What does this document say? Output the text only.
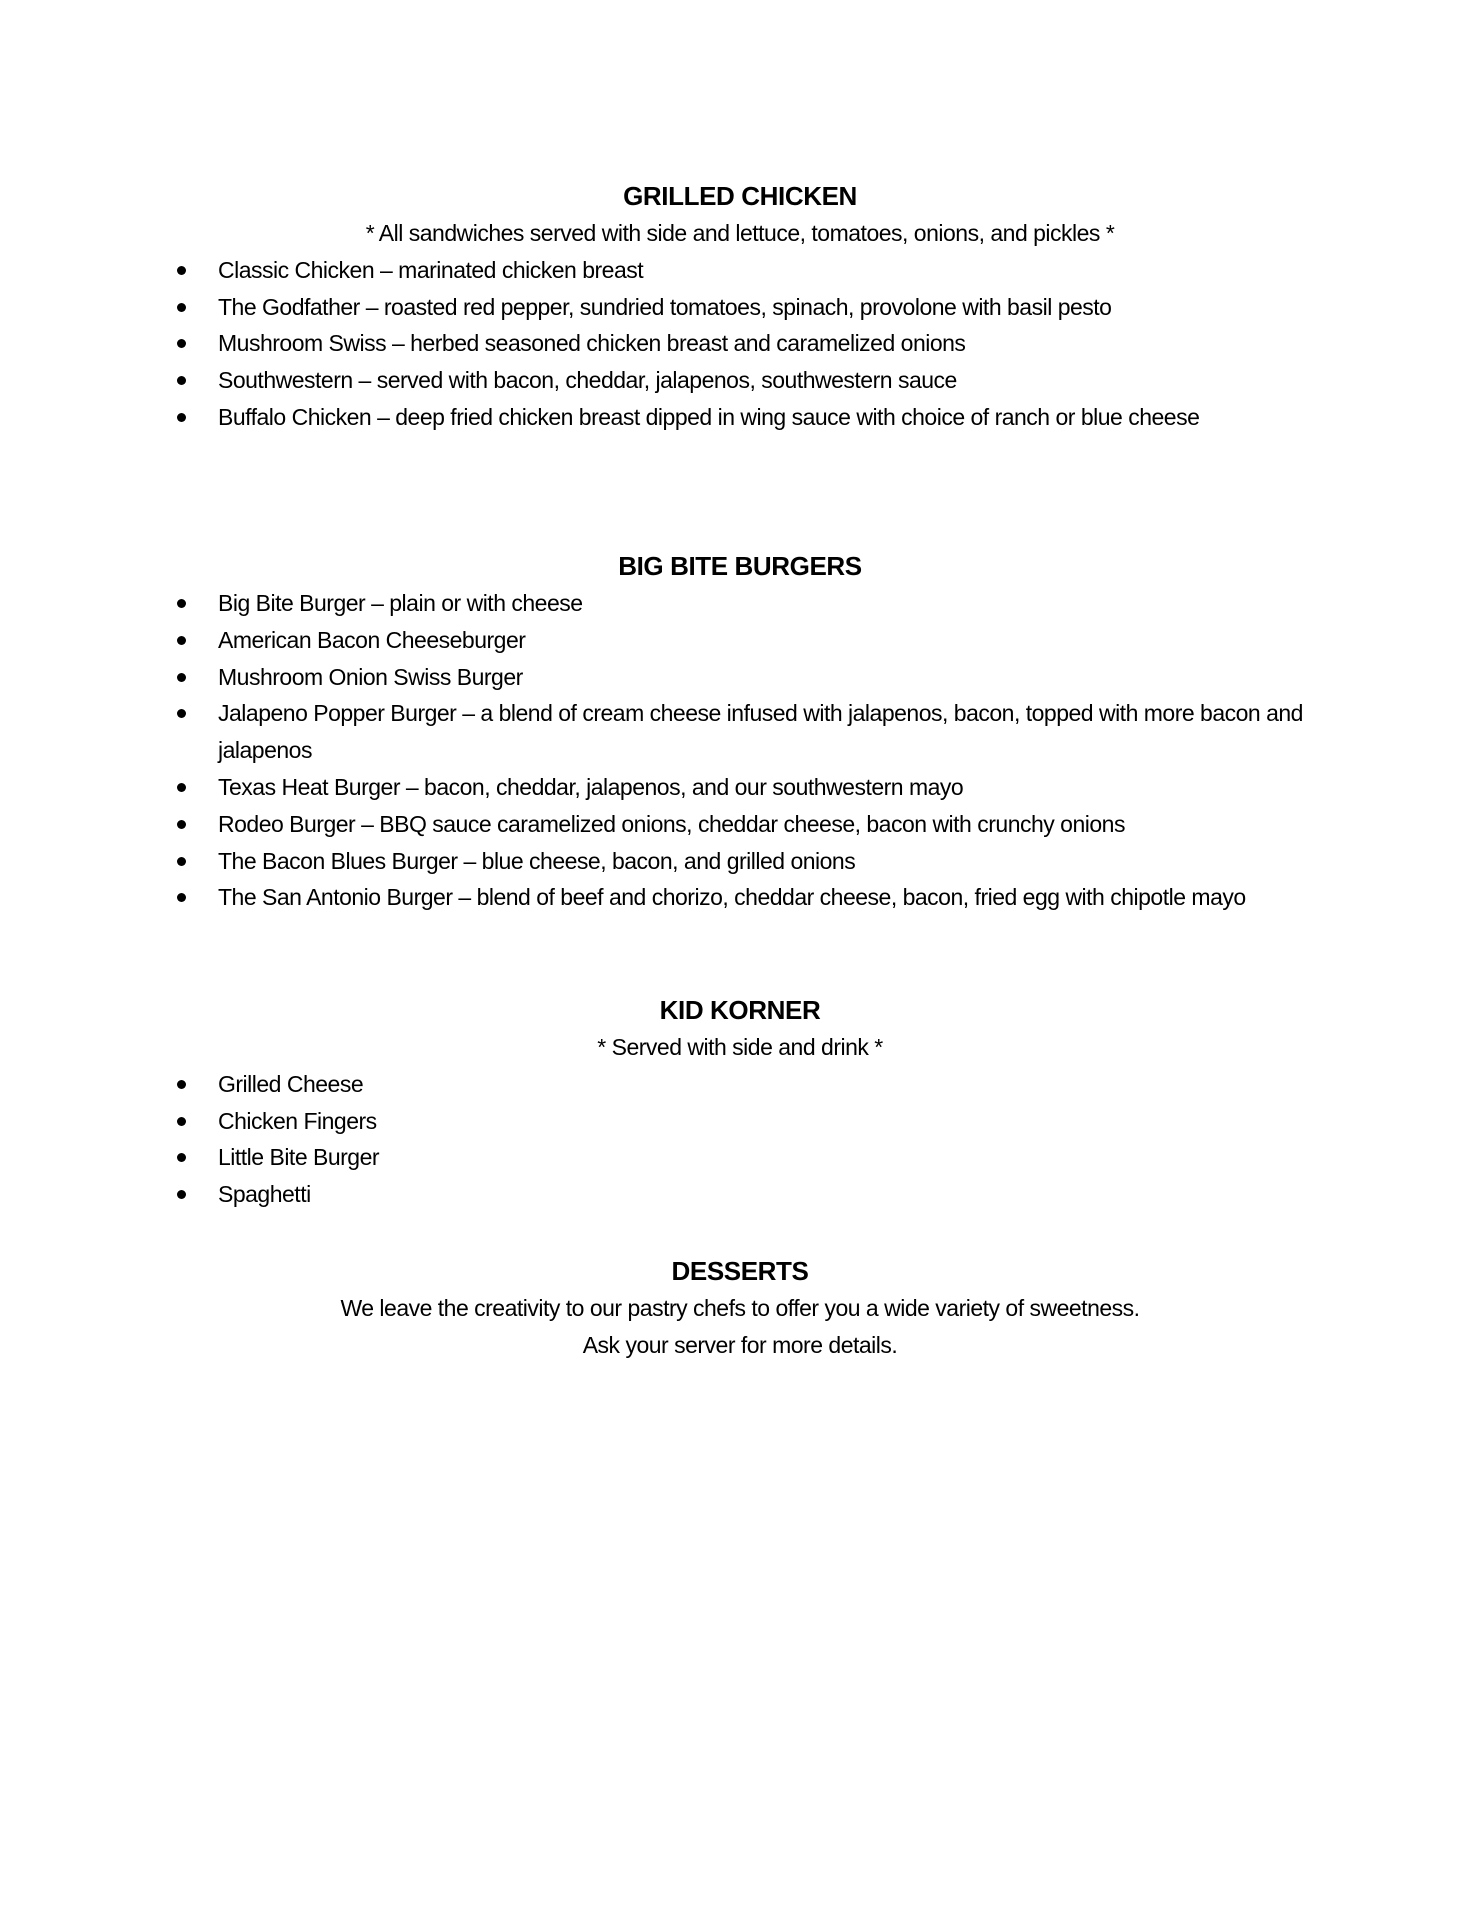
GRILLED CHICKEN
* All sandwiches served with side and lettuce, tomatoes, onions, and pickles *
Classic Chicken – marinated chicken breast
The Godfather – roasted red pepper, sundried tomatoes, spinach, provolone with basil pesto
Mushroom Swiss – herbed seasoned chicken breast and caramelized onions
Southwestern – served with bacon, cheddar, jalapenos, southwestern sauce
Buffalo Chicken – deep fried chicken breast dipped in wing sauce with choice of ranch or blue cheese
BIG BITE BURGERS
Big Bite Burger – plain or with cheese
American Bacon Cheeseburger
Mushroom Onion Swiss Burger
Jalapeno Popper Burger – a blend of cream cheese infused with jalapenos, bacon, topped with more bacon and jalapenos
Texas Heat Burger – bacon, cheddar, jalapenos, and our southwestern mayo
Rodeo Burger – BBQ sauce caramelized onions, cheddar cheese, bacon with crunchy onions
The Bacon Blues Burger – blue cheese, bacon, and grilled onions
The San Antonio Burger – blend of beef and chorizo, cheddar cheese, bacon, fried egg with chipotle mayo
KID KORNER
* Served with side and drink *
Grilled Cheese
Chicken Fingers
Little Bite Burger
Spaghetti
DESSERTS
We leave the creativity to our pastry chefs to offer you a wide variety of sweetness.
Ask your server for more details.
